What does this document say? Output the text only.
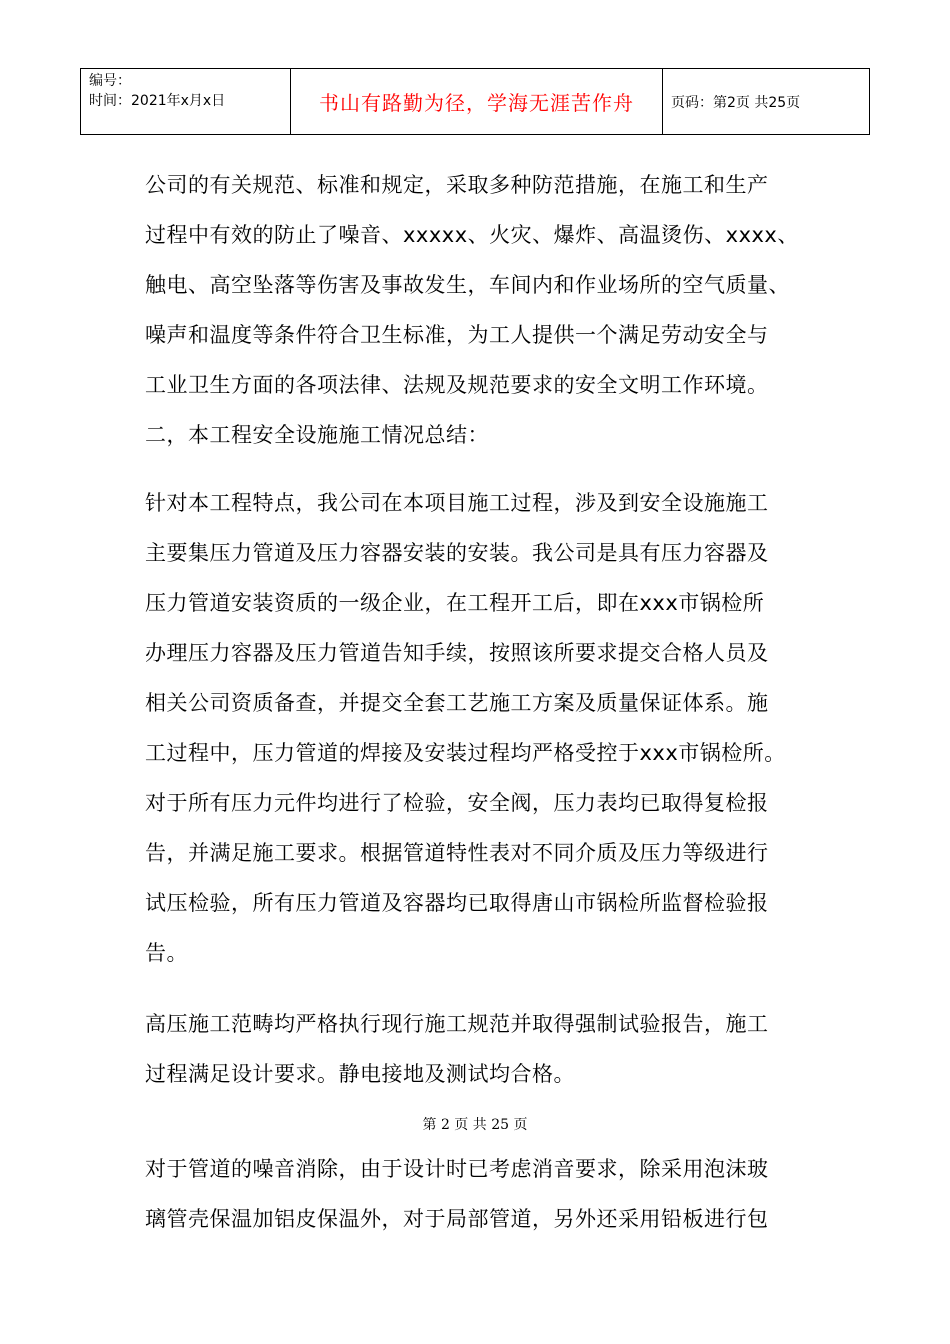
编号：
时间：2021年x月x日	书山有路勤为径，学海无涯苦作舟	页码：第2页 共25页

公司的有关规范、标准和规定，采取多种防范措施，在施工和生产

过程中有效的防止了噪音、xxxxx、火灾、爆炸、高温烫伤、xxxx、

触电、高空坠落等伤害及事故发生，车间内和作业场所的空气质量、

噪声和温度等条件符合卫生标准，为工人提供一个满足劳动安全与

工业卫生方面的各项法律、法规及规范要求的安全文明工作环境。

二，本工程安全设施施工情况总结：

针对本工程特点，我公司在本项目施工过程，涉及到安全设施施工

主要集压力管道及压力容器安装的安装。我公司是具有压力容器及

压力管道安装资质的一级企业，在工程开工后，即在xxx市锅检所

办理压力容器及压力管道告知手续，按照该所要求提交合格人员及

相关公司资质备查，并提交全套工艺施工方案及质量保证体系。施

工过程中，压力管道的焊接及安装过程均严格受控于xxx市锅检所。

对于所有压力元件均进行了检验，安全阀，压力表均已取得复检报

告，并满足施工要求。根据管道特性表对不同介质及压力等级进行

试压检验，所有压力管道及容器均已取得唐山市锅检所监督检验报

告。

高压施工范畴均严格执行现行施工规范并取得强制试验报告，施工

过程满足设计要求。静电接地及测试均合格。

第 2 页 共 25 页

对于管道的噪音消除，由于设计时已考虑消音要求，除采用泡沫玻

璃管壳保温加铝皮保温外，对于局部管道，另外还采用铅板进行包
